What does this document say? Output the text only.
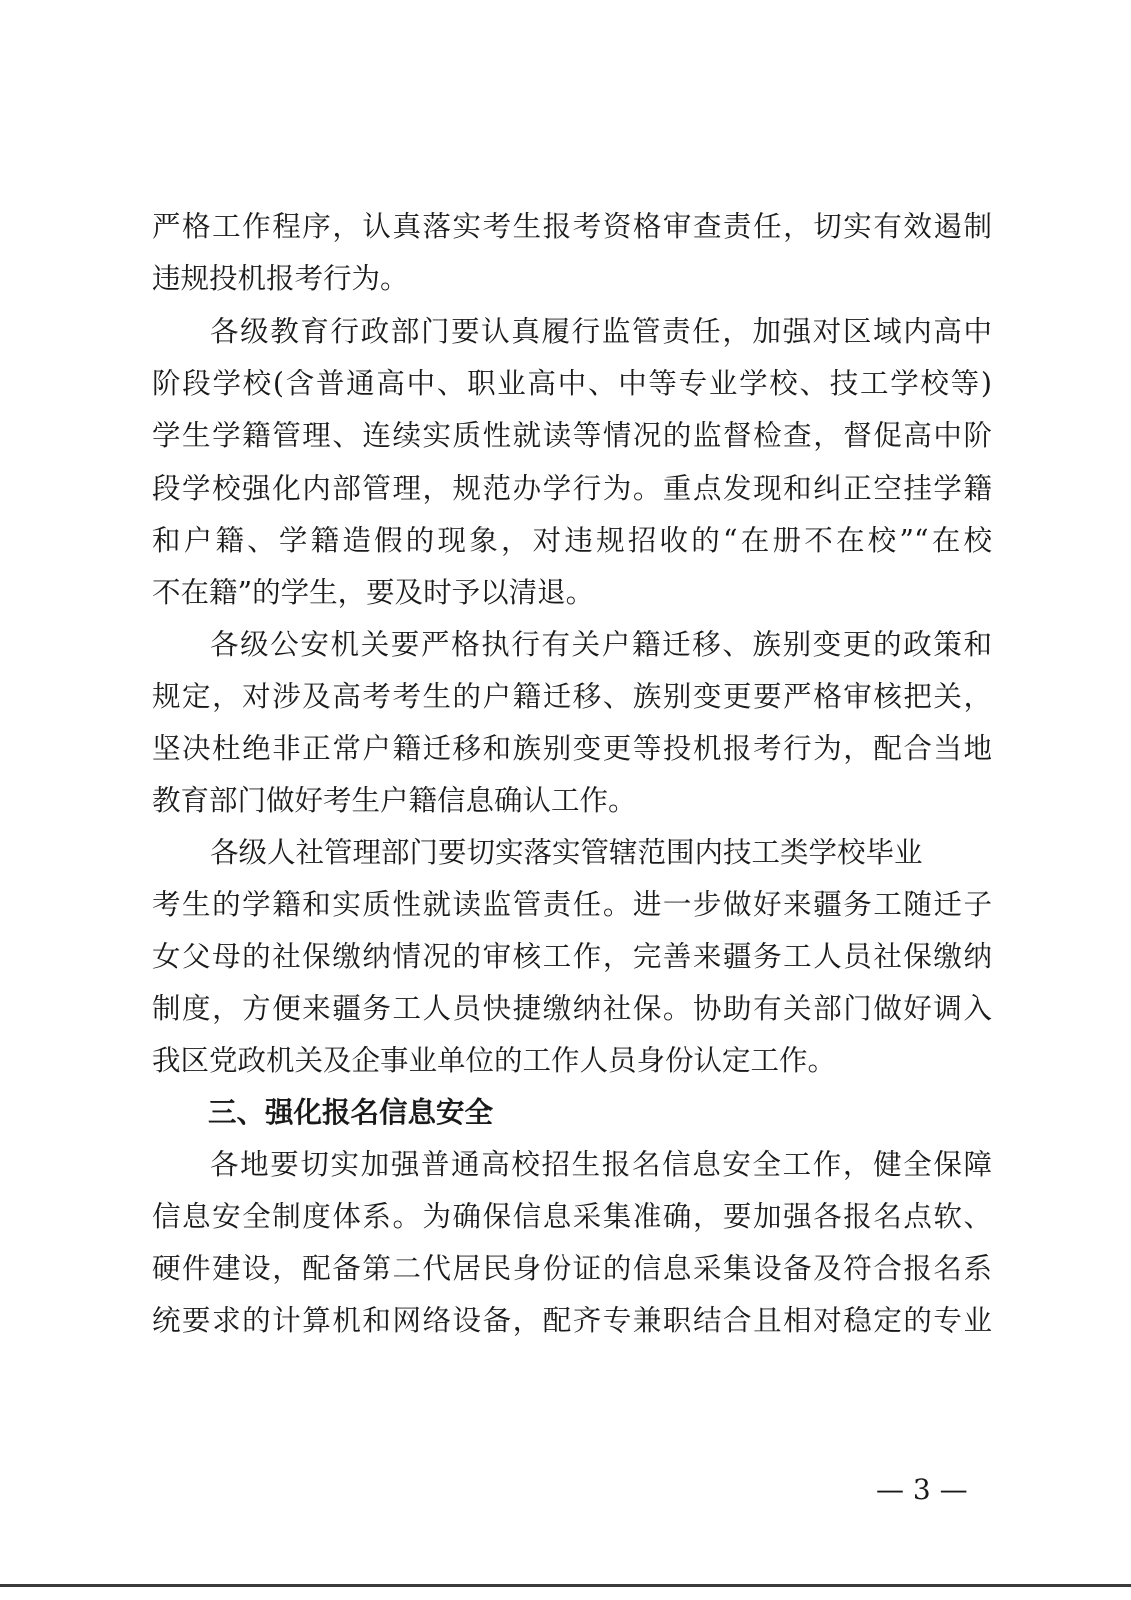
严格工作程序，认真落实考生报考资格审查责任，切实有效遏制
违规投机报考行为。
各级教育行政部门要认真履行监管责任，加强对区域内高中
阶段学校(含普通高中、职业高中、中等专业学校、技工学校等)
学生学籍管理、连续实质性就读等情况的监督检查，督促高中阶
段学校强化内部管理，规范办学行为。重点发现和纠正空挂学籍
和户籍、学籍造假的现象，对违规招收的“在册不在校”“在校
不在籍”的学生，要及时予以清退。
各级公安机关要严格执行有关户籍迁移、族别变更的政策和
规定，对涉及高考考生的户籍迁移、族别变更要严格审核把关，
坚决杜绝非正常户籍迁移和族别变更等投机报考行为，配合当地
教育部门做好考生户籍信息确认工作。
各级人社管理部门要切实落实管辖范围内技工类学校毕业
考生的学籍和实质性就读监管责任。进一步做好来疆务工随迁子
女父母的社保缴纳情况的审核工作，完善来疆务工人员社保缴纳
制度，方便来疆务工人员快捷缴纳社保。协助有关部门做好调入
我区党政机关及企事业单位的工作人员身份认定工作。
三、强化报名信息安全
各地要切实加强普通高校招生报名信息安全工作，健全保障
信息安全制度体系。为确保信息采集准确，要加强各报名点软、
硬件建设，配备第二代居民身份证的信息采集设备及符合报名系
统要求的计算机和网络设备，配齐专兼职结合且相对稳定的专业
— 3 —
